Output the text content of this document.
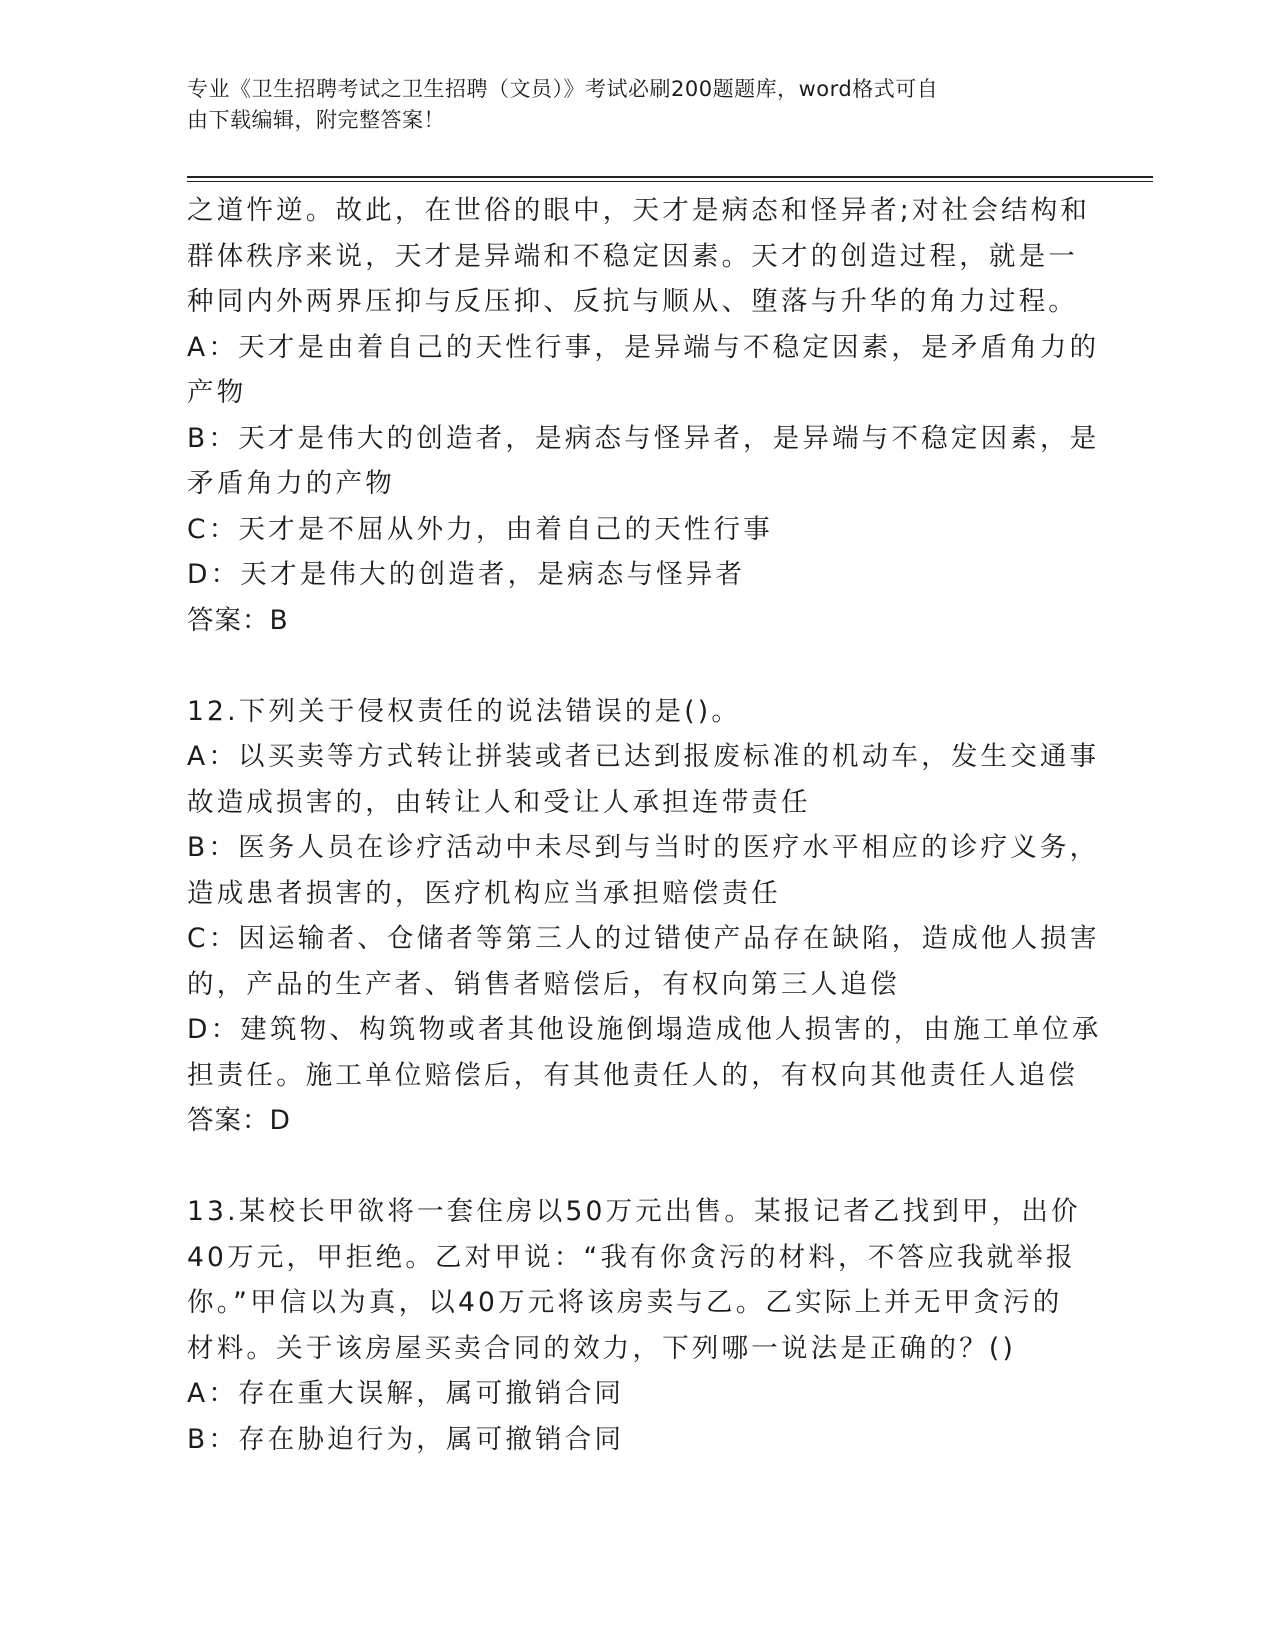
专业《卫生招聘考试之卫生招聘（文员）》考试必刷200题题库，word格式可自
由下载编辑，附完整答案！

之道忤逆。故此，在世俗的眼中，天才是病态和怪异者;对社会结构和

群体秩序来说，天才是异端和不稳定因素。天才的创造过程，就是一

种同内外两界压抑与反压抑、反抗与顺从、堕落与升华的角力过程。

A：天才是由着自己的天性行事，是异端与不稳定因素，是矛盾角力的

产物

B：天才是伟大的创造者，是病态与怪异者，是异端与不稳定因素，是

矛盾角力的产物

C：天才是不屈从外力，由着自己的天性行事

D：天才是伟大的创造者，是病态与怪异者

答案：B

12.下列关于侵权责任的说法错误的是()。

A：以买卖等方式转让拼装或者已达到报废标准的机动车，发生交通事

故造成损害的，由转让人和受让人承担连带责任

B：医务人员在诊疗活动中未尽到与当时的医疗水平相应的诊疗义务，

造成患者损害的，医疗机构应当承担赔偿责任

C：因运输者、仓储者等第三人的过错使产品存在缺陷，造成他人损害

的，产品的生产者、销售者赔偿后，有权向第三人追偿

D：建筑物、构筑物或者其他设施倒塌造成他人损害的，由施工单位承

担责任。施工单位赔偿后，有其他责任人的，有权向其他责任人追偿

答案：D

13.某校长甲欲将一套住房以50万元出售。某报记者乙找到甲，出价

40万元，甲拒绝。乙对甲说：“我有你贪污的材料，不答应我就举报

你。”甲信以为真，以40万元将该房卖与乙。乙实际上并无甲贪污的

材料。关于该房屋买卖合同的效力，下列哪一说法是正确的？()

A：存在重大误解，属可撤销合同

B：存在胁迫行为，属可撤销合同
